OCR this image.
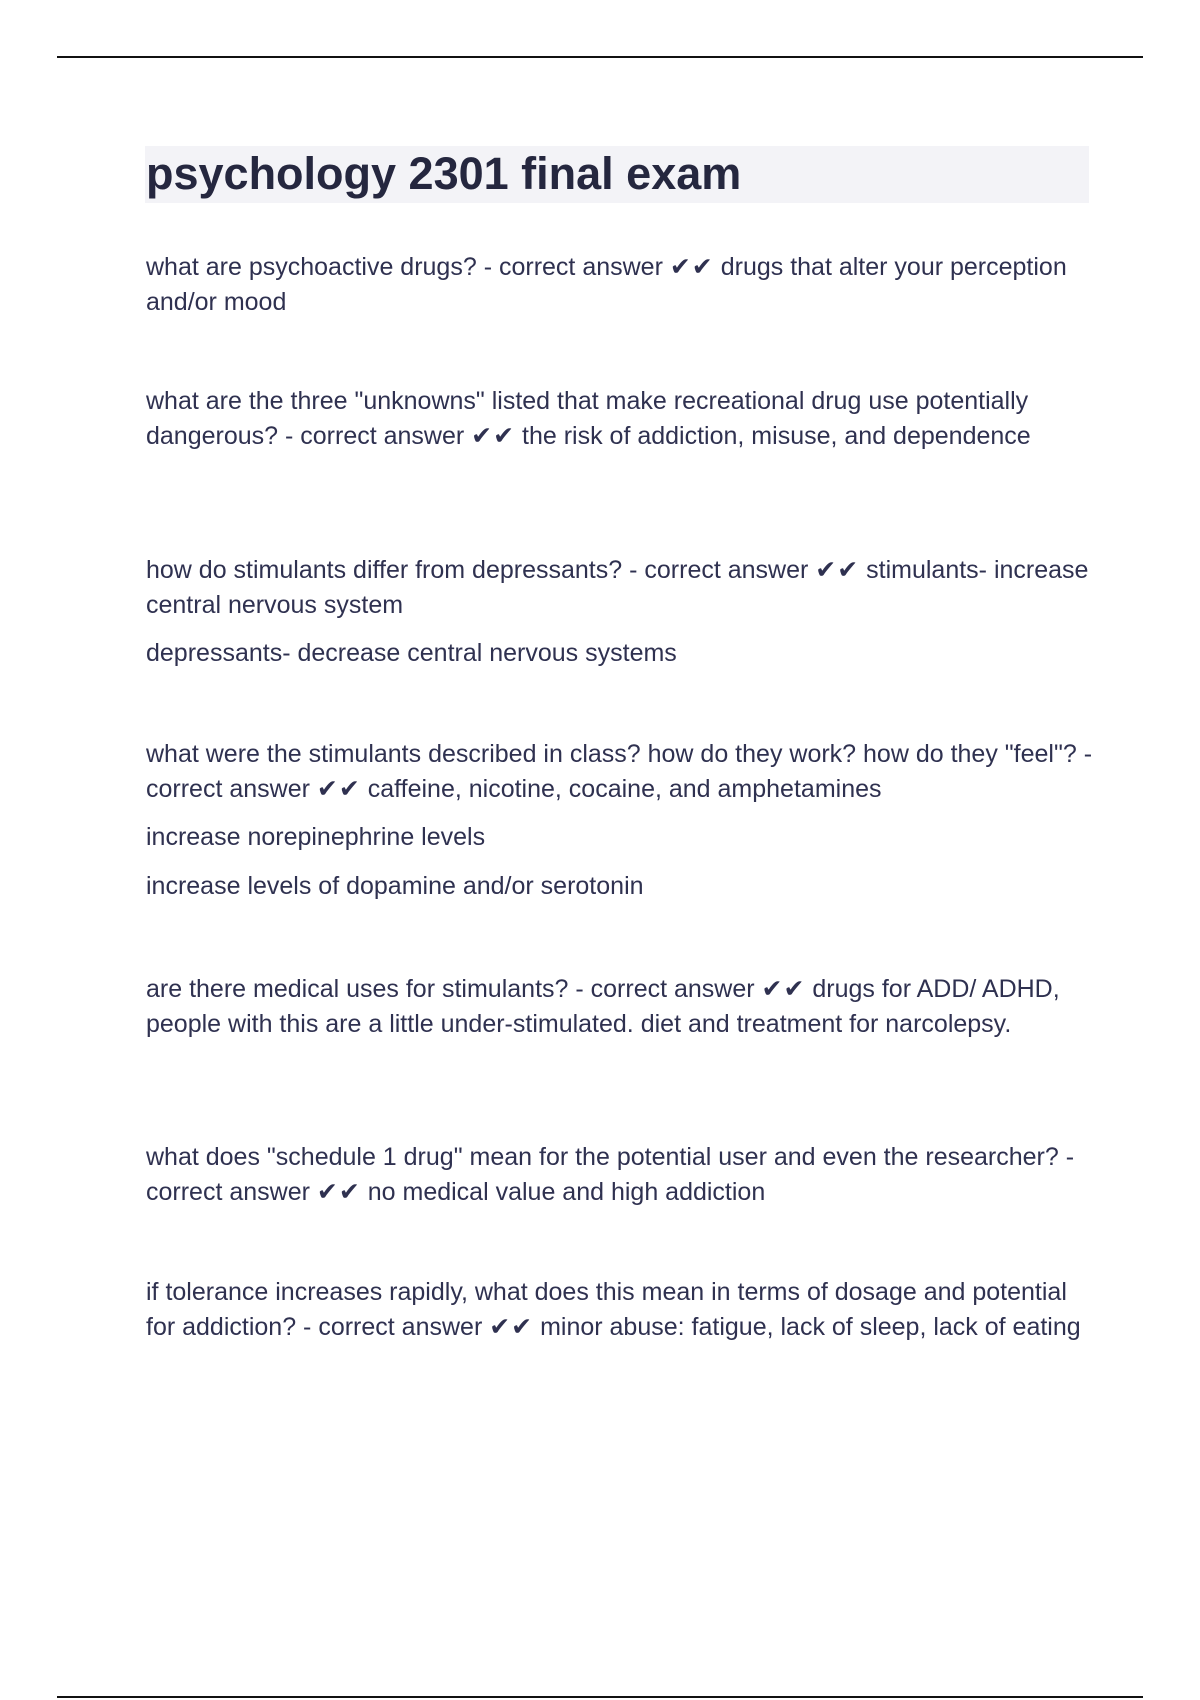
psychology 2301 final exam

what are psychoactive drugs? - correct answer ✔✔ drugs that alter your perception and/or mood

what are the three "unknowns" listed that make recreational drug use potentially dangerous? - correct answer ✔✔ the risk of addiction, misuse, and dependence

how do stimulants differ from depressants? - correct answer ✔✔ stimulants- increase central nervous system

depressants- decrease central nervous systems

what were the stimulants described in class? how do they work? how do they "feel"? - correct answer ✔✔ caffeine, nicotine, cocaine, and amphetamines

increase norepinephrine levels

increase levels of dopamine and/or serotonin

are there medical uses for stimulants? - correct answer ✔✔ drugs for ADD/ ADHD, people with this are a little under-stimulated. diet and treatment for narcolepsy.

what does "schedule 1 drug" mean for the potential user and even the researcher? - correct answer ✔✔ no medical value and high addiction

if tolerance increases rapidly, what does this mean in terms of dosage and potential for addiction? - correct answer ✔✔ minor abuse: fatigue, lack of sleep, lack of eating
